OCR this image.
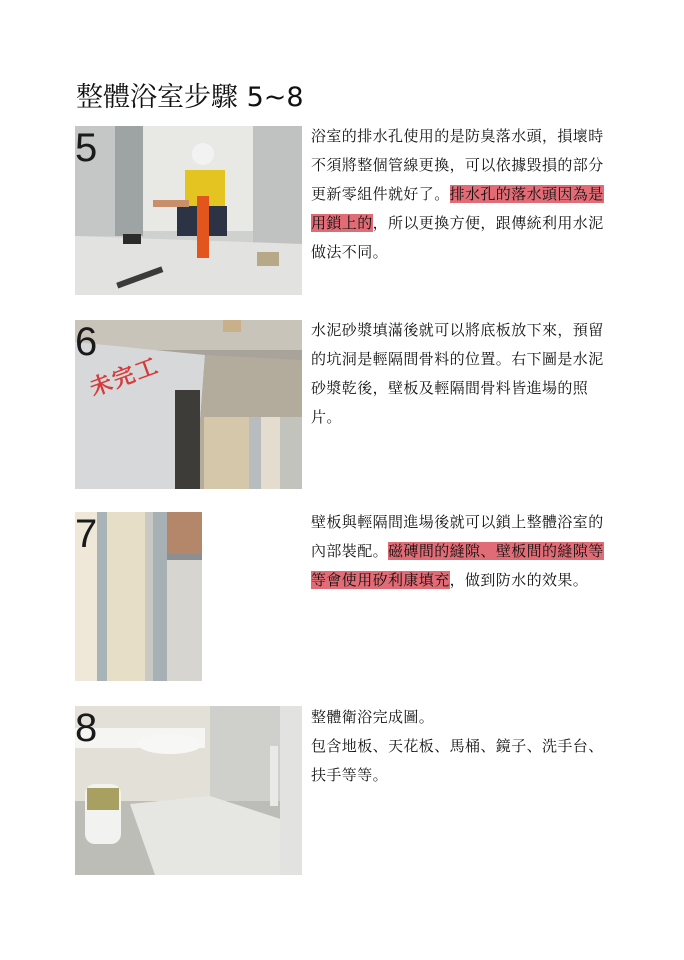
整體浴室步驟 5~8
5	浴室的排水孔使用的是防臭落水頭，損壞時不須將整個管線更換，可以依據毀損的部分更新零組件就好了。排水孔的落水頭因為是用鎖上的，所以更換方便，跟傳統利用水泥做法不同。
未完工
6	水泥砂漿填滿後就可以將底板放下來，預留的坑洞是輕隔間骨料的位置。右下圖是水泥砂漿乾後，壁板及輕隔間骨料皆進場的照片。
7	壁板與輕隔間進場後就可以鎖上整體浴室的內部裝配。磁磚間的縫隙、壁板間的縫隙等等會使用矽利康填充，做到防水的效果。
8	整體衛浴完成圖。
包含地板、天花板、馬桶、鏡子、洗手台、扶手等等。
